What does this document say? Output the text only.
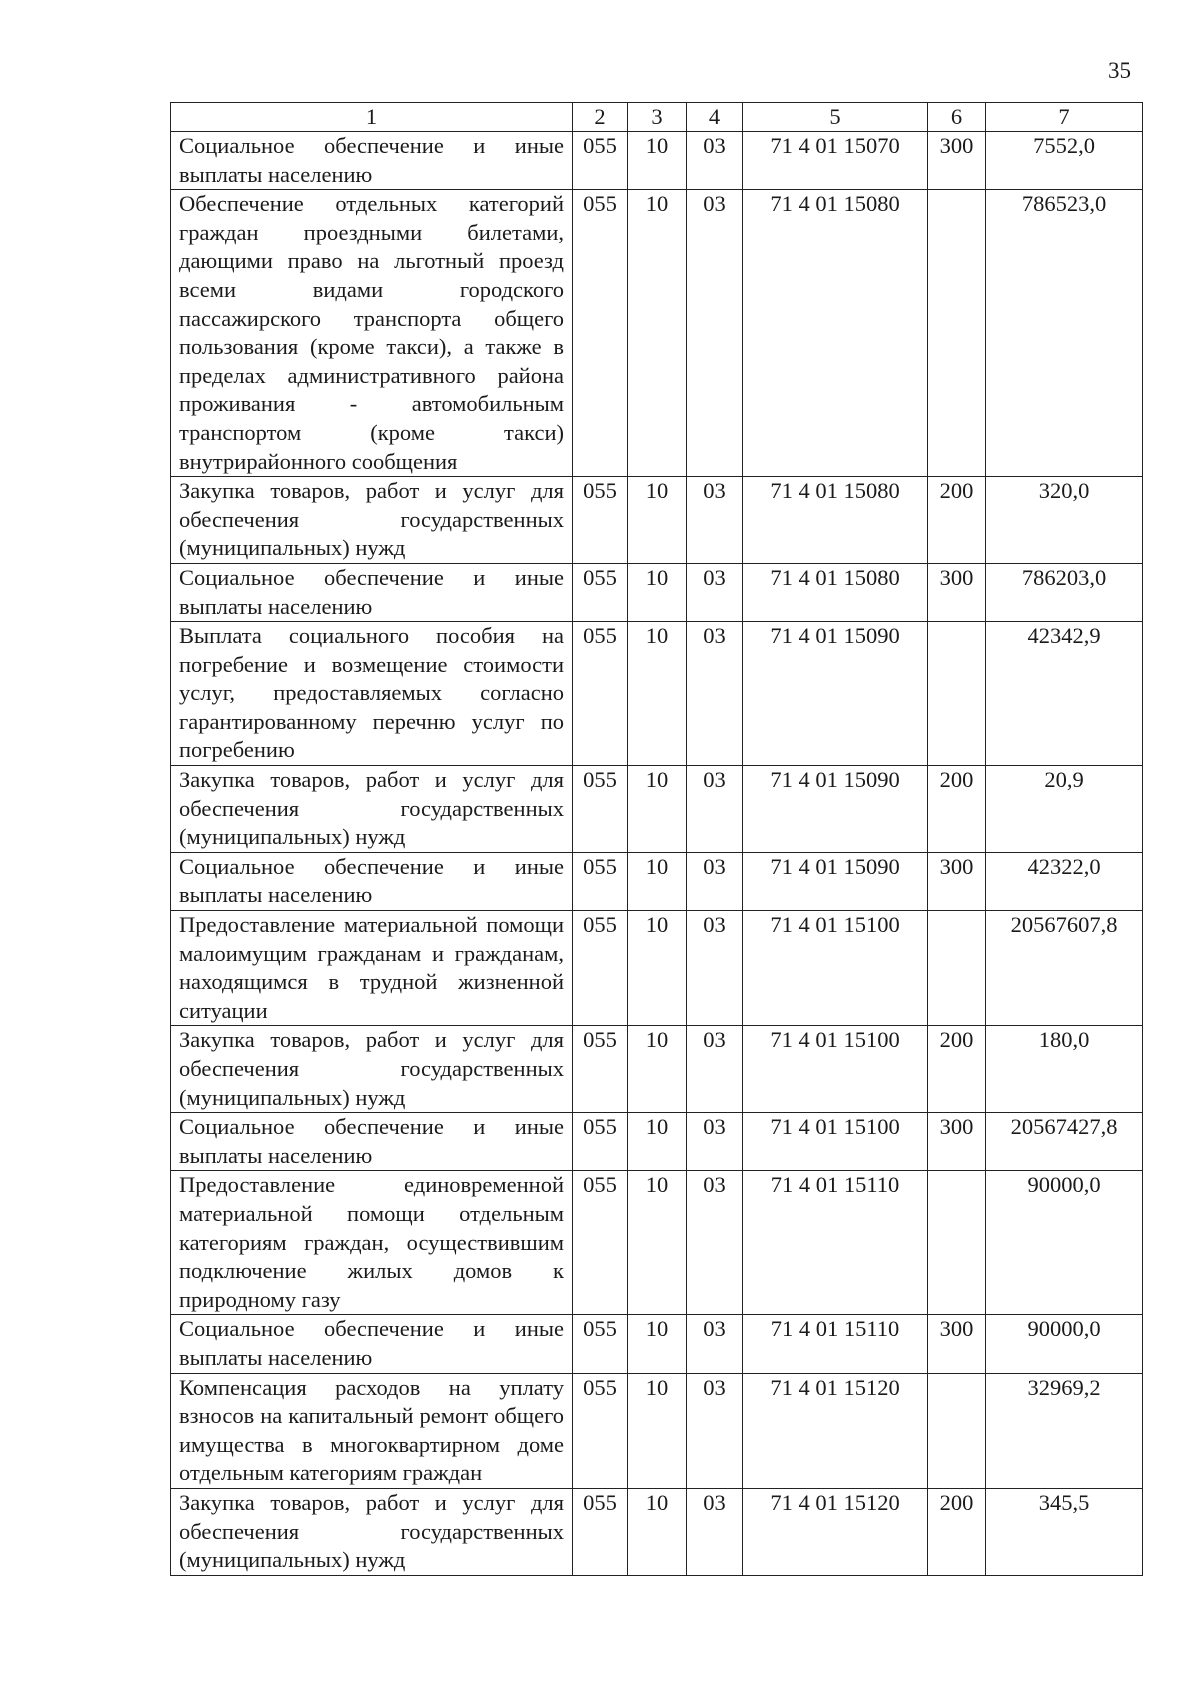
35
1	2	3	4	5	6	7
Социальное обеспечение и иные выплаты населению	055	10	03	71 4 01 15070	300	7552,0
Обеспечение отдельных категорий граждан проездными билетами, дающими право на льготный проезд всеми видами городского пассажирского транспорта общего пользования (кроме такси), а также в пределах административного района проживания - автомобильным транспортом (кроме такси) внутрирайонного сообщения	055	10	03	71 4 01 15080		786523,0
Закупка товаров, работ и услуг для обеспечения государственных (муниципальных) нужд	055	10	03	71 4 01 15080	200	320,0
Социальное обеспечение и иные выплаты населению	055	10	03	71 4 01 15080	300	786203,0
Выплата социального пособия на погребение и возмещение стоимости услуг, предоставляемых согласно гарантированному перечню услуг по погребению	055	10	03	71 4 01 15090		42342,9
Закупка товаров, работ и услуг для обеспечения государственных (муниципальных) нужд	055	10	03	71 4 01 15090	200	20,9
Социальное обеспечение и иные выплаты населению	055	10	03	71 4 01 15090	300	42322,0
Предоставление материальной помощи малоимущим гражданам и гражданам, находящимся в трудной жизненной ситуации	055	10	03	71 4 01 15100		20567607,8
Закупка товаров, работ и услуг для обеспечения государственных (муниципальных) нужд	055	10	03	71 4 01 15100	200	180,0
Социальное обеспечение и иные выплаты населению	055	10	03	71 4 01 15100	300	20567427,8
Предоставление единовременной материальной помощи отдельным категориям граждан, осуществившим подключение жилых домов к природному газу	055	10	03	71 4 01 15110		90000,0
Социальное обеспечение и иные выплаты населению	055	10	03	71 4 01 15110	300	90000,0
Компенсация расходов на уплату взносов на капитальный ремонт общего имущества в многоквартирном доме отдельным категориям граждан	055	10	03	71 4 01 15120		32969,2
Закупка товаров, работ и услуг для обеспечения государственных (муниципальных) нужд	055	10	03	71 4 01 15120	200	345,5
